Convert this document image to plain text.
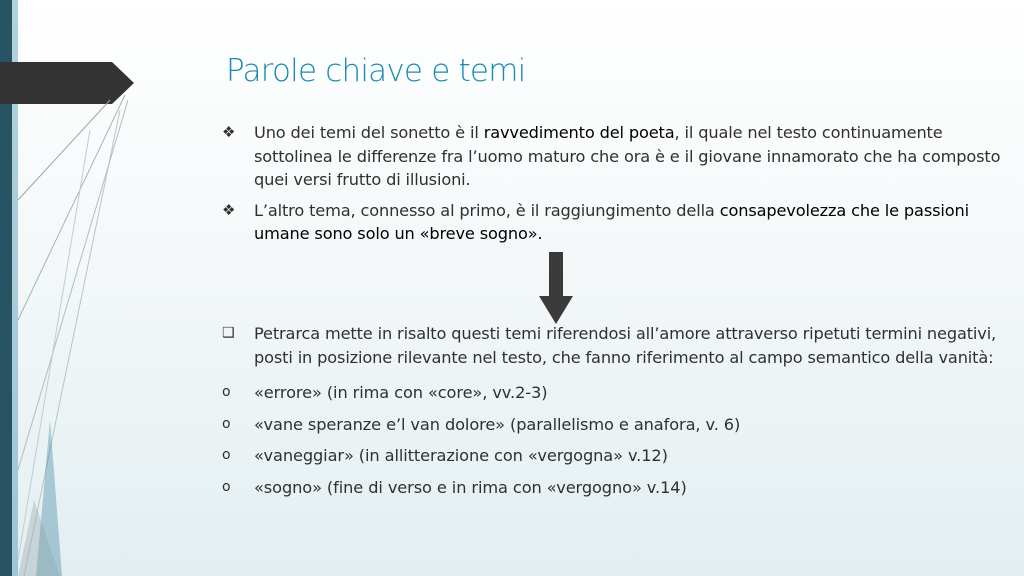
Parole chiave e temi
❖	Uno dei temi del sonetto è il ravvedimento del poeta, il quale nel testo continuamente sottolinea le differenze fra l’uomo maturo che ora è e il giovane innamorato che ha composto quei versi frutto di illusioni.
❖	L’altro tema, connesso al primo, è il raggiungimento della consapevolezza che le passioni umane sono solo un «breve sogno».
❑	Petrarca mette in risalto questi temi riferendosi all’amore attraverso ripetuti termini negativi, posti in posizione rilevante nel testo, che fanno riferimento al campo semantico della vanità:
o	«errore» (in rima con «core», vv.2-3)
o	«vane speranze e’l van dolore» (parallelismo e anafora, v. 6)
o	«vaneggiar» (in allitterazione con «vergogna» v.12)
o	«sogno» (fine di verso e in rima con «vergogno» v.14)
